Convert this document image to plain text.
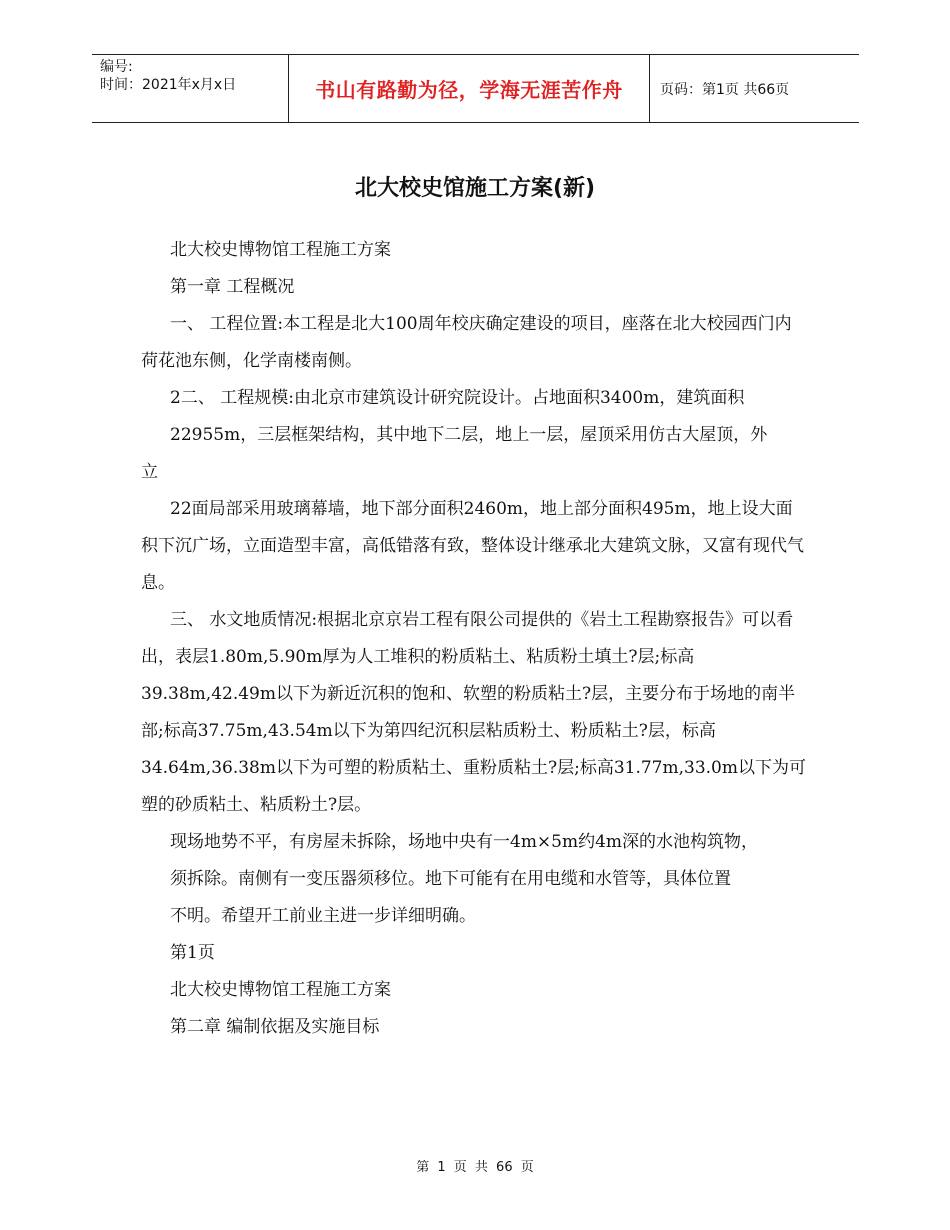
编号:
时间：2021年x月x日	书山有路勤为径，学海无涯苦作舟	页码：第1页 共66页
北大校史馆施工方案(新)

北大校史博物馆工程施工方案

第一章 工程概况

一、 工程位置:本工程是北大100周年校庆确定建设的项目，座落在北大校园西门内荷花池东侧，化学南楼南侧。

2二、 工程规模:由北京市建筑设计研究院设计。占地面积3400m，建筑面积

22955m，三层框架结构，其中地下二层，地上一层，屋顶采用仿古大屋顶，外

立

22面局部采用玻璃幕墙，地下部分面积2460m，地上部分面积495m，地上设大面积下沉广场，立面造型丰富，高低错落有致，整体设计继承北大建筑文脉，又富有现代气息。

三、 水文地质情况:根据北京京岩工程有限公司提供的《岩土工程勘察报告》可以看出，表层1.80m,5.90m厚为人工堆积的粉质粘土、粘质粉土填土?层;标高39.38m,42.49m以下为新近沉积的饱和、软塑的粉质粘土?层，主要分布于场地的南半部;标高37.75m,43.54m以下为第四纪沉积层粘质粉土、粉质粘土?层，标高34.64m,36.38m以下为可塑的粉质粘土、重粉质粘土?层;标高31.77m,33.0m以下为可塑的砂质粘土、粘质粉土?层。

现场地势不平，有房屋未拆除，场地中央有一4m×5m约4m深的水池构筑物，

须拆除。南侧有一变压器须移位。地下可能有在用电缆和水管等，具体位置

不明。希望开工前业主进一步详细明确。

第1页

北大校史博物馆工程施工方案

第二章 编制依据及实施目标

第 1 页 共 66 页
